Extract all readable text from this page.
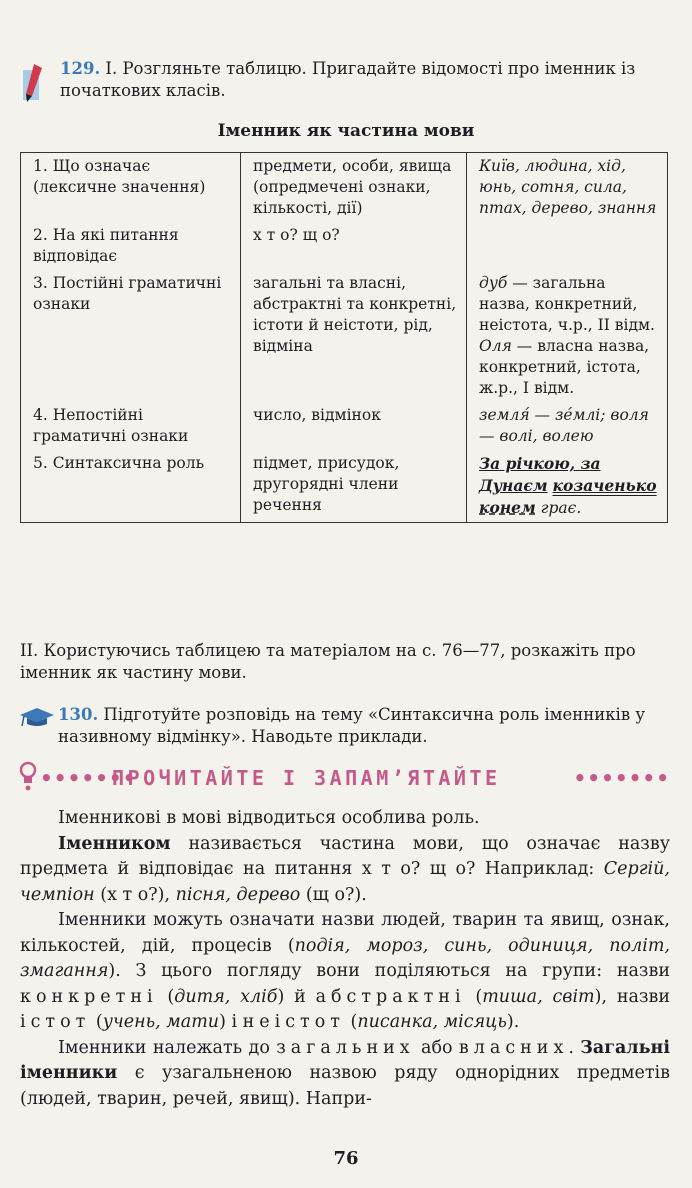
129. І. Розгляньте таблицю. Пригадайте відомості про іменник із початкових класів.
Іменник як частина мови
1. Що означає (лексичне значення)	предмети, особи, явища (опредмечені ознаки, кількості, дії)	Київ, людина, хід, юнь, сотня, сила, птах, дерево, знання
2. На які питання відповідає	х т о? щ о?	
3. Постійні граматичні ознаки	загальні та власні, абстрактні та конкретні, істоти й неістоти, рід, відміна	дуб — загальна назва, конкретний, неістота, ч.р., II відм.
Оля — власна назва, конкретний, істота, ж.р., І відм.
4. Непостійні граматичні ознаки	число, відмінок	земля́ — зе́млі; воля — волі, волею
5. Синтаксична роль	підмет, присудок, другорядні члени речення	За річкою, за Дунаєм козаченько конем грає.
II. Користуючись таблицею та матеріалом на с. 76—77, розкажіть про іменник як частину мови.
130. Підготуйте розповідь на тему «Синтаксична роль іменників у називному відмінку». Наводьте приклади.
•••••••
ПРОЧИТАЙТЕ І ЗАПАМ’ЯТАЙТЕ	•••••••

Іменникові в мові відводиться особлива роль.

Іменником називається частина мови, що означає назву предмета й відповідає на питання х т о? щ о? Наприклад: Сергій, чемпіон (х т о?), пісня, дерево (щ о?).

Іменники можуть означати назви людей, тварин та явищ, ознак, кількостей, дій, процесів (подія, мороз, синь, одиниця, політ, змагання). З цього погляду вони поділяються на групи: назви конкретні (дитя, хліб) й абстрактні (тиша, світ), назви істот (учень, мати) і неістот (писанка, місяць).

Іменники належать до загальних або власних. Загальні іменники є узагальненою назвою ряду однорідних предметів (людей, тварин, речей, явищ). Напри-

76
